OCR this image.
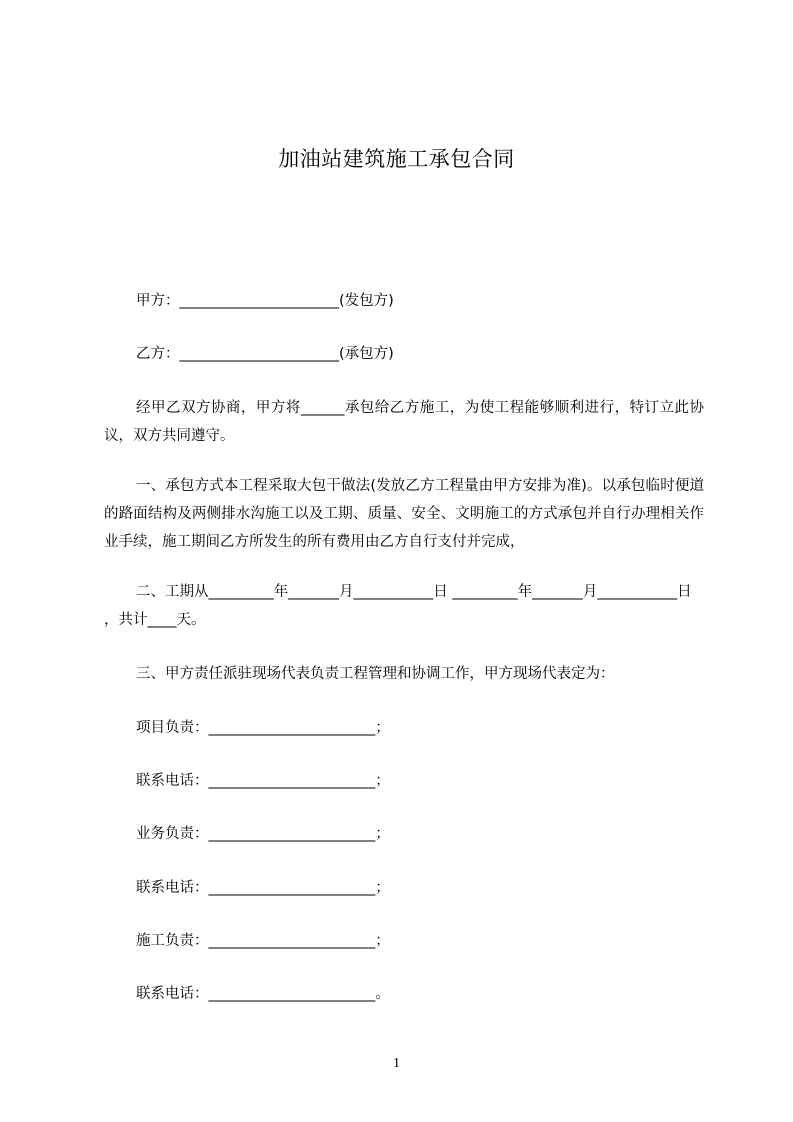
加油站建筑施工承包合同
甲方：______________________(发包方)
乙方：______________________(承包方)
经甲乙双方协商，甲方将______承包给乙方施工，为使工程能够顺利进行，特订立此协议，双方共同遵守。
一、承包方式本工程采取大包干做法(发放乙方工程量由甲方安排为准)。以承包临时便道的路面结构及两侧排水沟施工以及工期、质量、安全、文明施工的方式承包并自行办理相关作业手续，施工期间乙方所发生的所有费用由乙方自行支付并完成，
二、工期从_________年_______月___________日 _________年_______月___________日 ，共计____天。
三、甲方责任派驻现场代表负责工程管理和协调工作，甲方现场代表定为：
项目负责：_______________________；
联系电话：_______________________；
业务负责：_______________________；
联系电话：_______________________；
施工负责：_______________________；
联系电话：_______________________。
1
